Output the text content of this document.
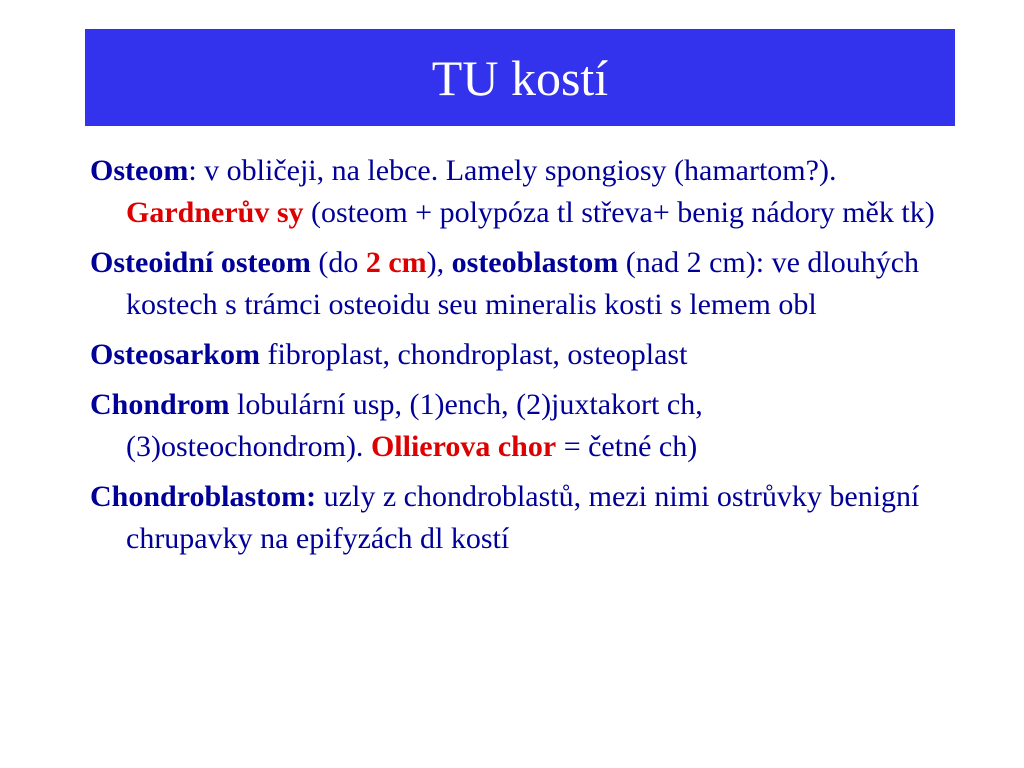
TU kostí
Osteom: v obličeji, na lebce. Lamely spongiosy (hamartom?). Gardnerův sy (osteom + polypóza tl střeva+ benig nádory měk tk)
Osteoidní osteom (do 2 cm), osteoblastom (nad 2 cm): ve dlouhých kostech s trámci osteoidu seu mineralis kosti s lemem obl
Osteosarkom fibroplast, chondroplast, osteoplast
Chondrom lobulární usp, (1)ench, (2)juxtakort ch, (3)osteochondrom). Ollierova chor = četné ch)
Chondroblastom: uzly z chondroblastů, mezi nimi ostrůvky benigní chrupavky na epifyzách dl kostí
